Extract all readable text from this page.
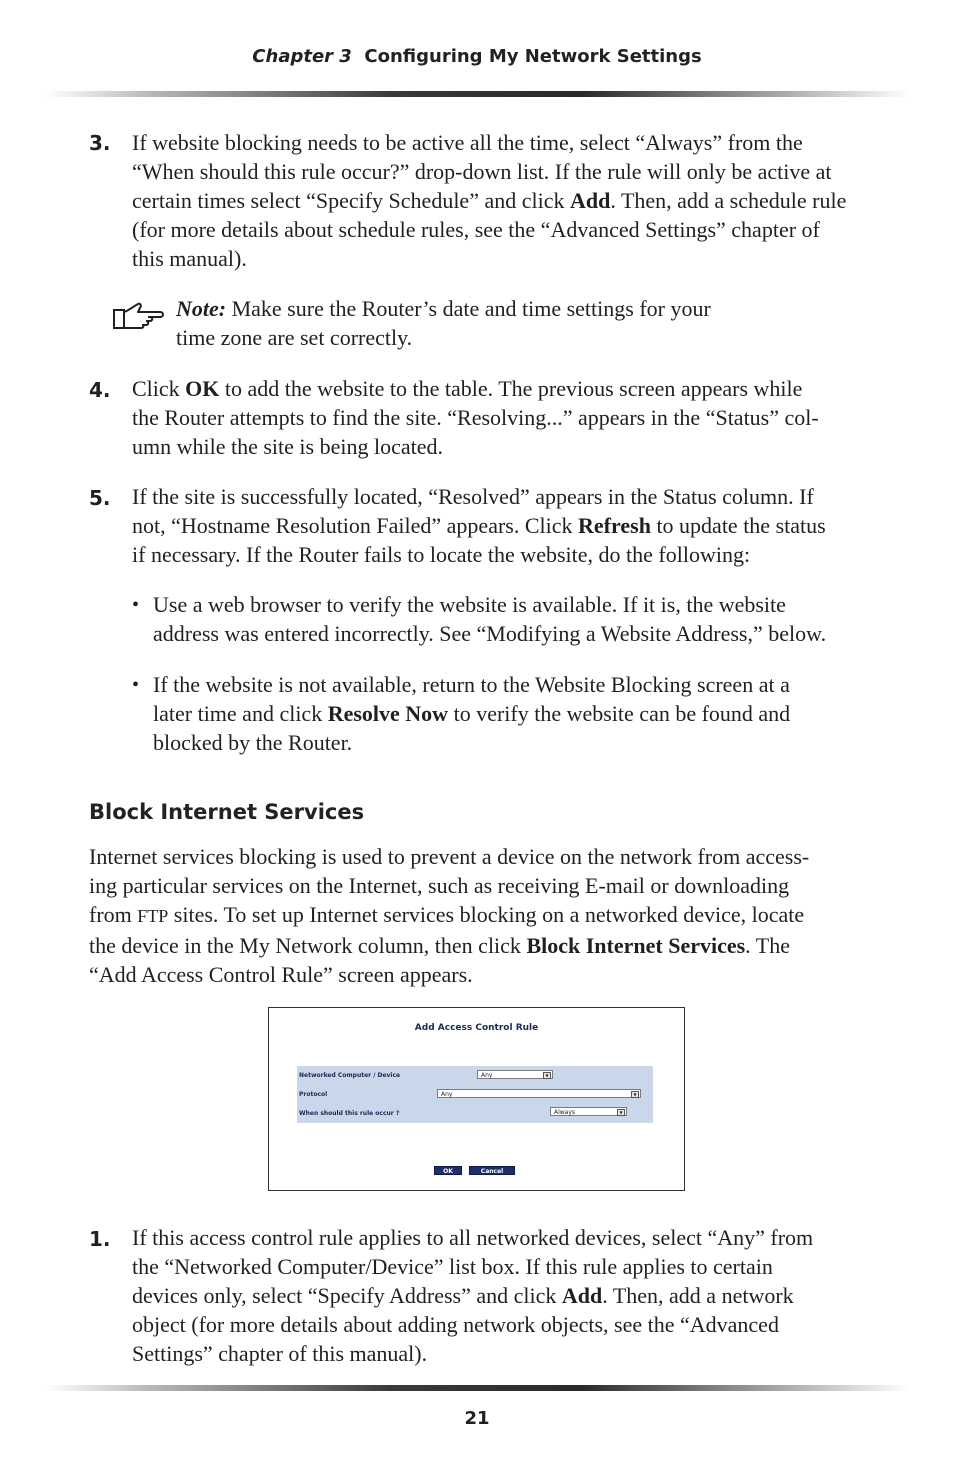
Chapter 3 Configuring My Network Settings
3. If website blocking needs to be active all the time, select “Always” from the
“When should this rule occur?” drop-down list. If the rule will only be active at
certain times select “Specify Schedule” and click Add. Then, add a schedule rule
(for more details about schedule rules, see the “Advanced Settings” chapter of
this manual).
Note: Make sure the Router’s date and time settings for your
time zone are set correctly.
4. Click OK to add the website to the table. The previous screen appears while
the Router attempts to find the site. “Resolving...” appears in the “Status” col-
umn while the site is being located.
5. If the site is successfully located, “Resolved” appears in the Status column. If
not, “Hostname Resolution Failed” appears. Click Refresh to update the status
if necessary. If the Router fails to locate the website, do the following:
• Use a web browser to verify the website is available. If it is, the website
address was entered incorrectly. See “Modifying a Website Address,” below.
• If the website is not available, return to the Website Blocking screen at a
later time and click Resolve Now to verify the website can be found and
blocked by the Router.
Block Internet Services
Internet services blocking is used to prevent a device on the network from access-
ing particular services on the Internet, such as receiving E-mail or downloading
from FTP sites. To set up Internet services blocking on a networked device, locate
the device in the My Network column, then click Block Internet Services. The
“Add Access Control Rule” screen appears.
Add Access Control Rule
Networked Computer / Device	Any	▼
Protocol	Any	▼
When should this rule occur ?	Always	▼
OK	Cancel
1. If this access control rule applies to all networked devices, select “Any” from
the “Networked Computer/Device” list box. If this rule applies to certain
devices only, select “Specify Address” and click Add. Then, add a network
object (for more details about adding network objects, see the “Advanced
Settings” chapter of this manual).
21
